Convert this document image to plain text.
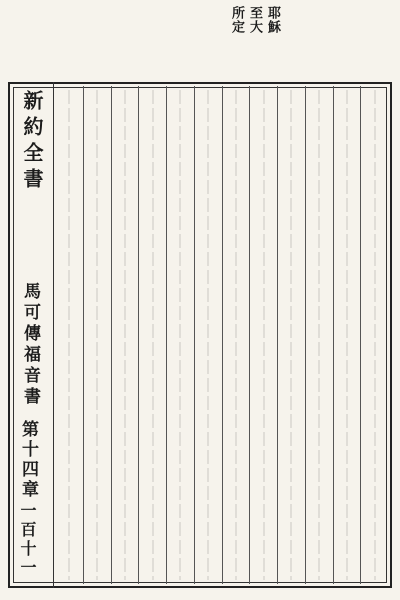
耶穌
至大
所定
新約全書
馬可傳福音書
第十四章
一百十一
